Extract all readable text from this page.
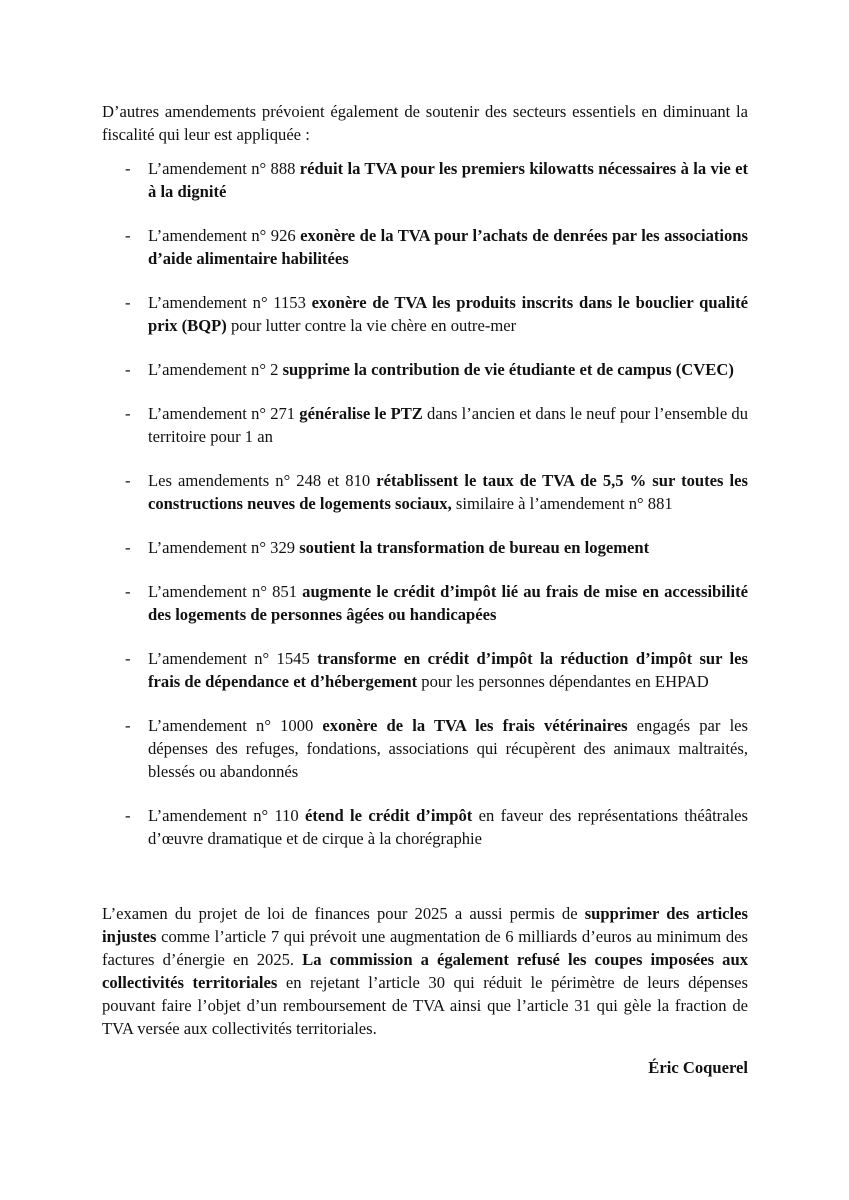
D’autres amendements prévoient également de soutenir des secteurs essentiels en diminuant la fiscalité qui leur est appliquée :

- L’amendement n° 888 réduit la TVA pour les premiers kilowatts nécessaires à la vie et à la dignité
- L’amendement n° 926 exonère de la TVA pour l’achats de denrées par les associations d’aide alimentaire habilitées
- L’amendement n° 1153 exonère de TVA les produits inscrits dans le bouclier qualité prix (BQP) pour lutter contre la vie chère en outre-mer
- L’amendement n° 2 supprime la contribution de vie étudiante et de campus (CVEC)
- L’amendement n° 271 généralise le PTZ dans l’ancien et dans le neuf pour l’ensemble du territoire pour 1 an
- Les amendements n° 248 et 810 rétablissent le taux de TVA de 5,5 % sur toutes les constructions neuves de logements sociaux, similaire à l’amendement n° 881
- L’amendement n° 329 soutient la transformation de bureau en logement
- L’amendement n° 851 augmente le crédit d’impôt lié au frais de mise en accessibilité des logements de personnes âgées ou handicapées
- L’amendement n° 1545 transforme en crédit d’impôt la réduction d’impôt sur les frais de dépendance et d’hébergement pour les personnes dépendantes en EHPAD
- L’amendement n° 1000 exonère de la TVA les frais vétérinaires engagés par les dépenses des refuges, fondations, associations qui récupèrent des animaux maltraités, blessés ou abandonnés
- L’amendement n° 110 étend le crédit d’impôt en faveur des représentations théâtrales d’œuvre dramatique et de cirque à la chorégraphie

L’examen du projet de loi de finances pour 2025 a aussi permis de supprimer des articles injustes comme l’article 7 qui prévoit une augmentation de 6 milliards d’euros au minimum des factures d’énergie en 2025. La commission a également refusé les coupes imposées aux collectivités territoriales en rejetant l’article 30 qui réduit le périmètre de leurs dépenses pouvant faire l’objet d’un remboursement de TVA ainsi que l’article 31 qui gèle la fraction de TVA versée aux collectivités territoriales.

Éric Coquerel
